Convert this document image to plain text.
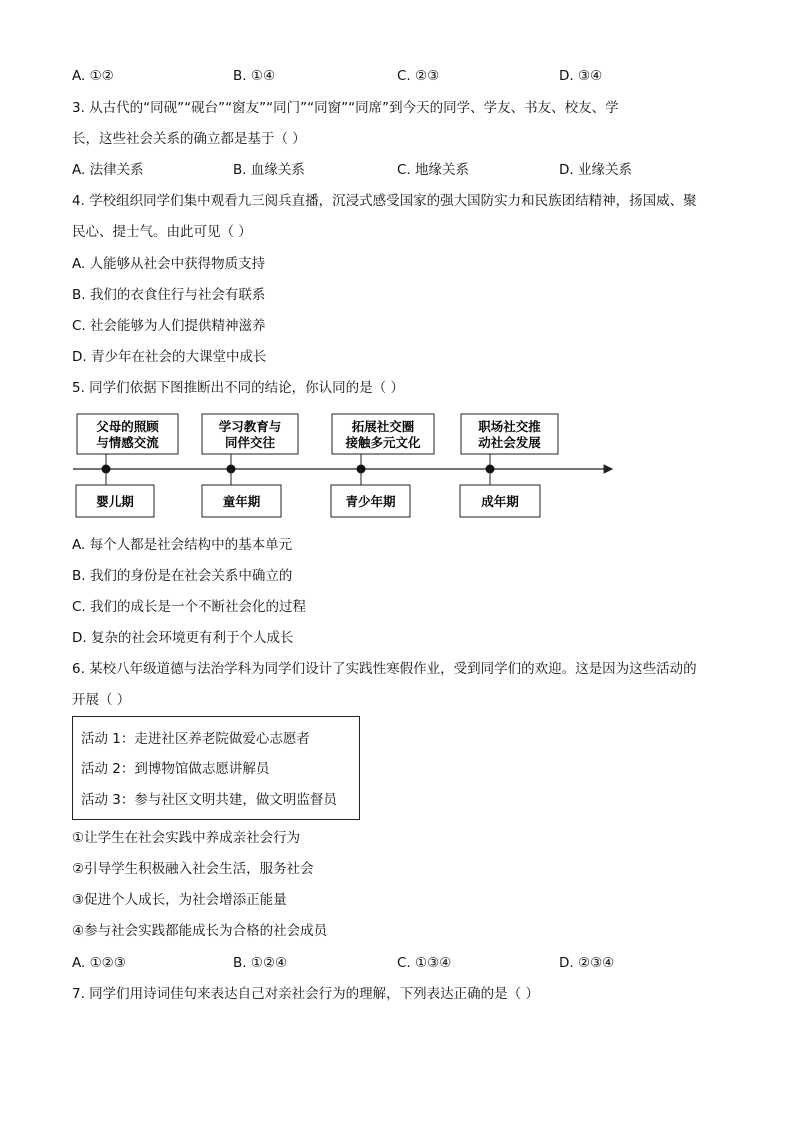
A. ①②	B. ①④	C. ②③	D. ③④
3. 从古代的“同砚”“砚台”“窗友”“同门”“同窗”“同席”到今天的同学、学友、书友、校友、学
长，这些社会关系的确立都是基于（ ）
A. 法律关系	B. 血缘关系	C. 地缘关系	D. 业缘关系
4. 学校组织同学们集中观看九三阅兵直播，沉浸式感受国家的强大国防实力和民族团结精神，扬国威、聚
民心、提士气。由此可见（ ）
A. 人能够从社会中获得物质支持
B. 我们的衣食住行与社会有联系
C. 社会能够为人们提供精神滋养
D. 青少年在社会的大课堂中成长
5. 同学们依据下图推断出不同的结论，你认同的是（ ）
父母的照顾
与情感交流
学习教育与
同伴交往
拓展社交圈
接触多元文化
职场社交推
动社会发展
婴儿期	童年期	青少年期	成年期
A. 每个人都是社会结构中的基本单元
B. 我们的身份是在社会关系中确立的
C. 我们的成长是一个不断社会化的过程
D. 复杂的社会环境更有利于个人成长
6. 某校八年级道德与法治学科为同学们设计了实践性寒假作业，受到同学们的欢迎。这是因为这些活动的
开展（ ）
活动 1：走进社区养老院做爱心志愿者
活动 2：到博物馆做志愿讲解员
活动 3：参与社区文明共建，做文明监督员
①让学生在社会实践中养成亲社会行为
②引导学生积极融入社会生活，服务社会
③促进个人成长，为社会增添正能量
④参与社会实践都能成长为合格的社会成员
A. ①②③	B. ①②④	C. ①③④	D. ②③④
7. 同学们用诗词佳句来表达自己对亲社会行为的理解，下列表达正确的是（ ）
